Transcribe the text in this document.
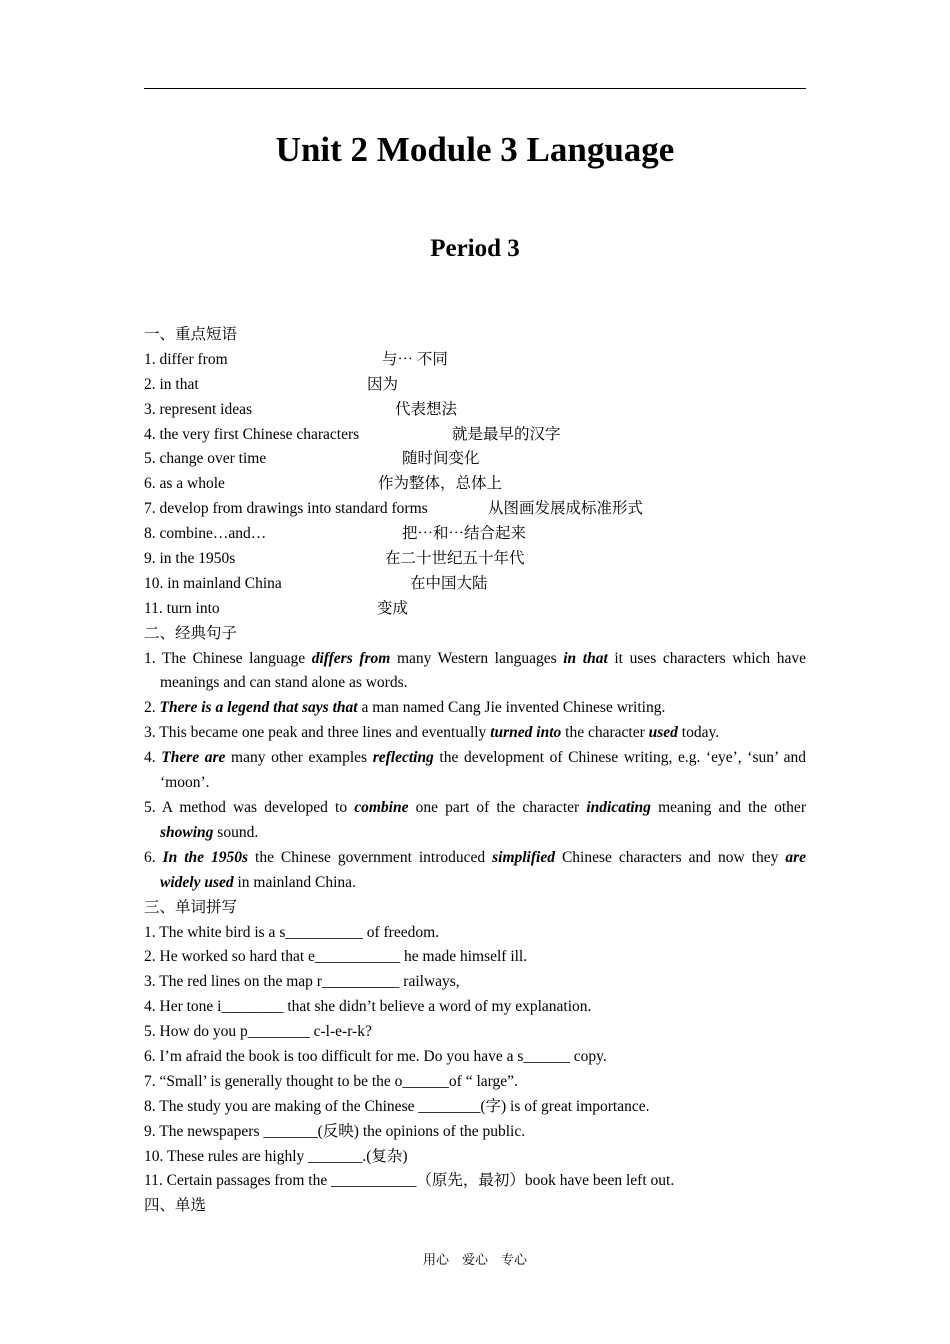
Unit 2 Module 3 Language
Period 3
一、重点短语
1. differ from	与⋯ 不同
2. in that	因为
3. represent ideas	代表想法
4. the very first Chinese characters	就是最早的汉字
5. change over time	随时间变化
6. as a whole	作为整体，总体上
7. develop from drawings into standard forms	从图画发展成标准形式
8. combine…and…	把⋯和⋯结合起来
9. in the 1950s	在二十世纪五十年代
10. in mainland China	在中国大陆
11. turn into	变成
二、经典句子
1. The Chinese language differs from many Western languages in that it uses characters which have meanings and can stand alone as words.
2. There is a legend that says that a man named Cang Jie invented Chinese writing.
3. This became one peak and three lines and eventually turned into the character used today.
4. There are many other examples reflecting the development of Chinese writing, e.g. ‘eye’, ‘sun’ and ‘moon’.
5. A method was developed to combine one part of the character indicating meaning and the other showing sound.
6. In the 1950s the Chinese government introduced simplified Chinese characters and now they are widely used in mainland China.
三、单词拼写
1. The white bird is a s__________ of freedom.
2. He worked so hard that e___________ he made himself ill.
3. The red lines on the map r__________ railways,
4. Her tone i________ that she didn’t believe a word of my explanation.
5. How do you p________ c-l-e-r-k?
6. I’m afraid the book is too difficult for me. Do you have a s______ copy.
7. “Small’ is generally thought to be the o______of “ large”.
8. The study you are making of the Chinese ________(字) is of great importance.
9. The newspapers _______(反映) the opinions of the public.
10. These rules are highly _______.(复杂)
11. Certain passages from the ___________（原先，最初）book have been left out.
四、单选
用心　爱心　专心
